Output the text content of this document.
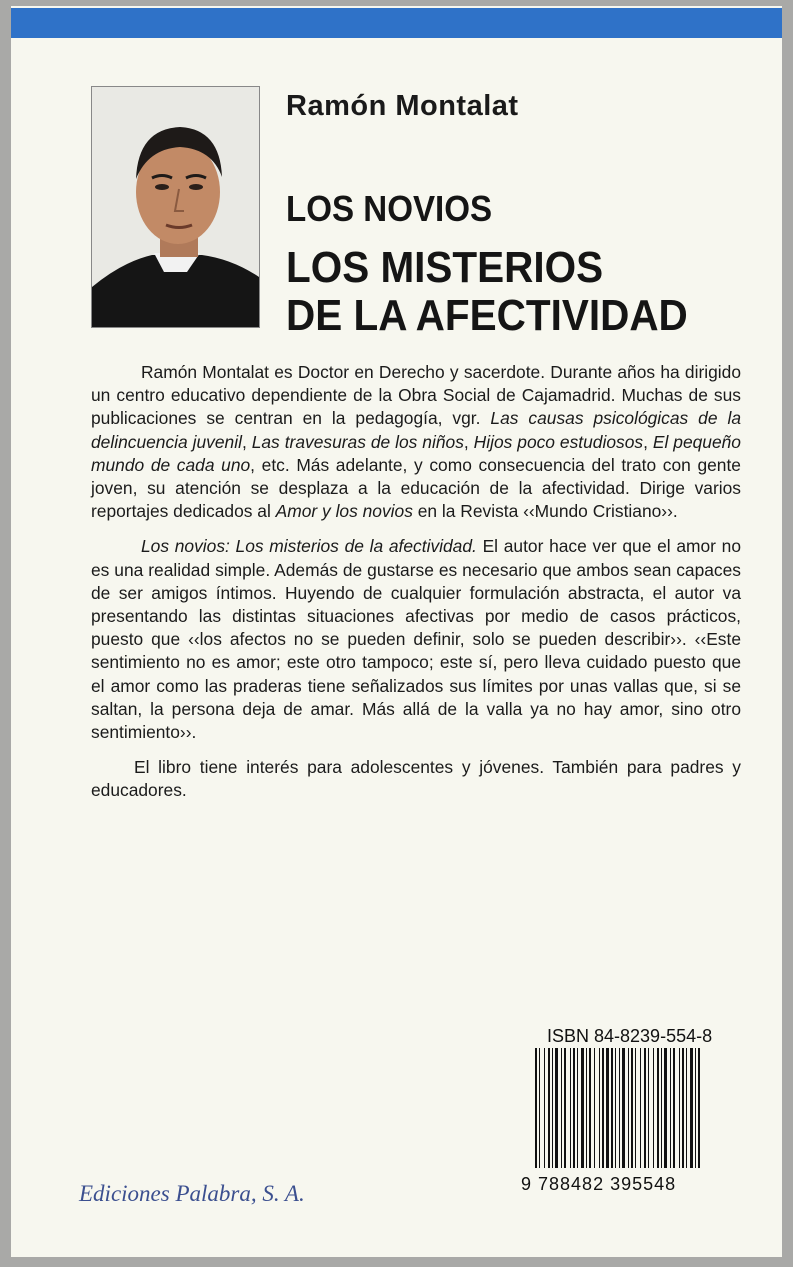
Ramón Montalat
LOS NOVIOS
LOS MISTERIOS
DE LA AFECTIVIDAD

Ramón Montalat es Doctor en Derecho y sacerdote. Durante años ha dirigido un centro educativo dependiente de la Obra Social de Cajamadrid. Muchas de sus publicaciones se centran en la pedagogía, vgr. Las causas psicológicas de la delincuencia juvenil, Las travesuras de los niños, Hijos poco estudiosos, El pequeño mundo de cada uno, etc. Más adelante, y como consecuencia del trato con gente joven, su atención se desplaza a la educación de la afectividad. Dirige varios reportajes dedicados al Amor y los novios en la Revista ‹‹Mundo Cristiano››.

Los novios: Los misterios de la afectividad. El autor hace ver que el amor no es una realidad simple. Además de gustarse es necesario que ambos sean capaces de ser amigos íntimos. Huyendo de cualquier formulación abstracta, el autor va presentando las distintas situaciones afectivas por medio de casos prácticos, puesto que ‹‹los afectos no se pueden definir, solo se pueden describir››. ‹‹Este sentimiento no es amor; este otro tampoco; este sí, pero lleva cuidado puesto que el amor como las praderas tiene señalizados sus límites por unas vallas que, si se saltan, la persona deja de amar. Más allá de la valla ya no hay amor, sino otro sentimiento››.

El libro tiene interés para adolescentes y jóvenes. También para padres y educadores.

ISBN 84-8239-554-8
9 788482 395548
Ediciones Palabra, S. A.
